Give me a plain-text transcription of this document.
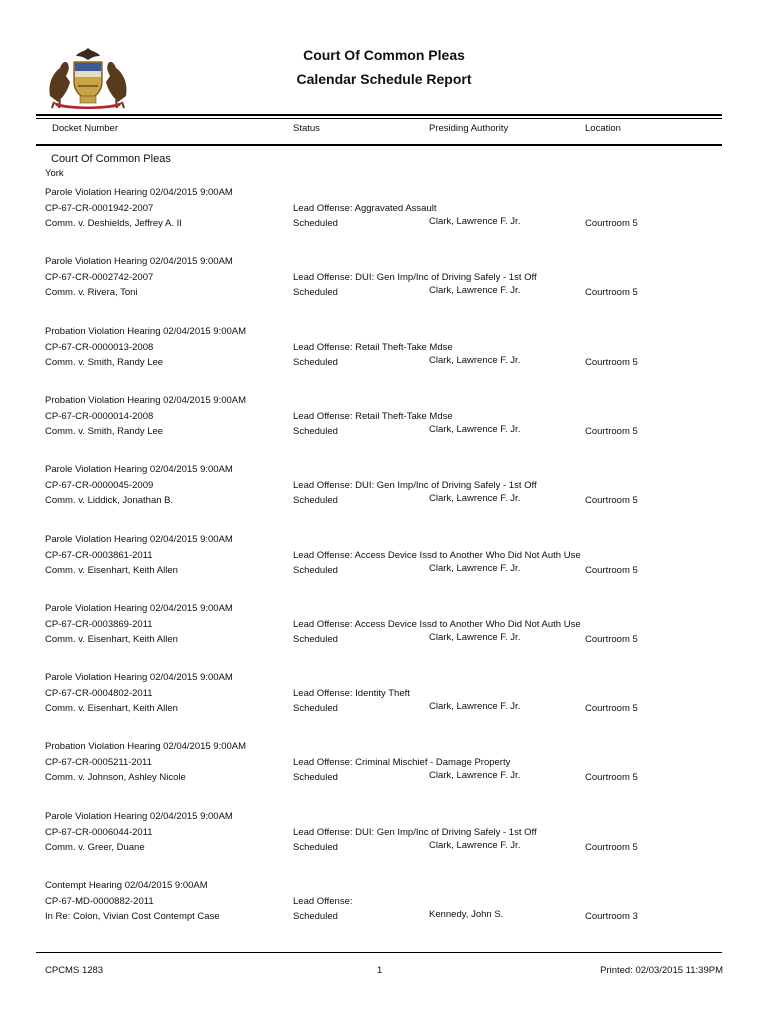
Court Of Common Pleas
Calendar Schedule Report
Docket Number	Status	Presiding Authority	Location
Court Of Common Pleas
York
Parole Violation Hearing 02/04/2015 9:00AM
CP-67-CR-0001942-2007
Comm. v. Deshields, Jeffrey A. II
Lead Offense: Aggravated Assault
Scheduled	Clark, Lawrence F. Jr.	Courtroom 5
Parole Violation Hearing 02/04/2015 9:00AM
CP-67-CR-0002742-2007
Comm. v. Rivera, Toni
Lead Offense: DUI: Gen Imp/Inc of Driving Safely - 1st Off
Scheduled	Clark, Lawrence F. Jr.	Courtroom 5
Probation Violation Hearing 02/04/2015 9:00AM
CP-67-CR-0000013-2008
Comm. v. Smith, Randy Lee
Lead Offense: Retail Theft-Take Mdse
Scheduled	Clark, Lawrence F. Jr.	Courtroom 5
Probation Violation Hearing 02/04/2015 9:00AM
CP-67-CR-0000014-2008
Comm. v. Smith, Randy Lee
Lead Offense: Retail Theft-Take Mdse
Scheduled	Clark, Lawrence F. Jr.	Courtroom 5
Parole Violation Hearing 02/04/2015 9:00AM
CP-67-CR-0000045-2009
Comm. v. Liddick, Jonathan B.
Lead Offense: DUI: Gen Imp/Inc of Driving Safely - 1st Off
Scheduled	Clark, Lawrence F. Jr.	Courtroom 5
Parole Violation Hearing 02/04/2015 9:00AM
CP-67-CR-0003861-2011
Comm. v. Eisenhart, Keith Allen
Lead Offense: Access Device Issd to Another Who Did Not Auth Use
Scheduled	Clark, Lawrence F. Jr.	Courtroom 5
Parole Violation Hearing 02/04/2015 9:00AM
CP-67-CR-0003869-2011
Comm. v. Eisenhart, Keith Allen
Lead Offense: Access Device Issd to Another Who Did Not Auth Use
Scheduled	Clark, Lawrence F. Jr.	Courtroom 5
Parole Violation Hearing 02/04/2015 9:00AM
CP-67-CR-0004802-2011
Comm. v. Eisenhart, Keith Allen
Lead Offense: Identity Theft
Scheduled	Clark, Lawrence F. Jr.	Courtroom 5
Probation Violation Hearing 02/04/2015 9:00AM
CP-67-CR-0005211-2011
Comm. v. Johnson, Ashley Nicole
Lead Offense: Criminal Mischief - Damage Property
Scheduled	Clark, Lawrence F. Jr.	Courtroom 5
Parole Violation Hearing 02/04/2015 9:00AM
CP-67-CR-0006044-2011
Comm. v. Greer, Duane
Lead Offense: DUI: Gen Imp/Inc of Driving Safely - 1st Off
Scheduled	Clark, Lawrence F. Jr.	Courtroom 5
Contempt Hearing 02/04/2015 9:00AM
CP-67-MD-0000882-2011
In Re: Colon, Vivian Cost Contempt Case
Lead Offense:
Scheduled	Kennedy, John S.	Courtroom 3
CPCMS 1283	1	Printed: 02/03/2015 11:39PM
